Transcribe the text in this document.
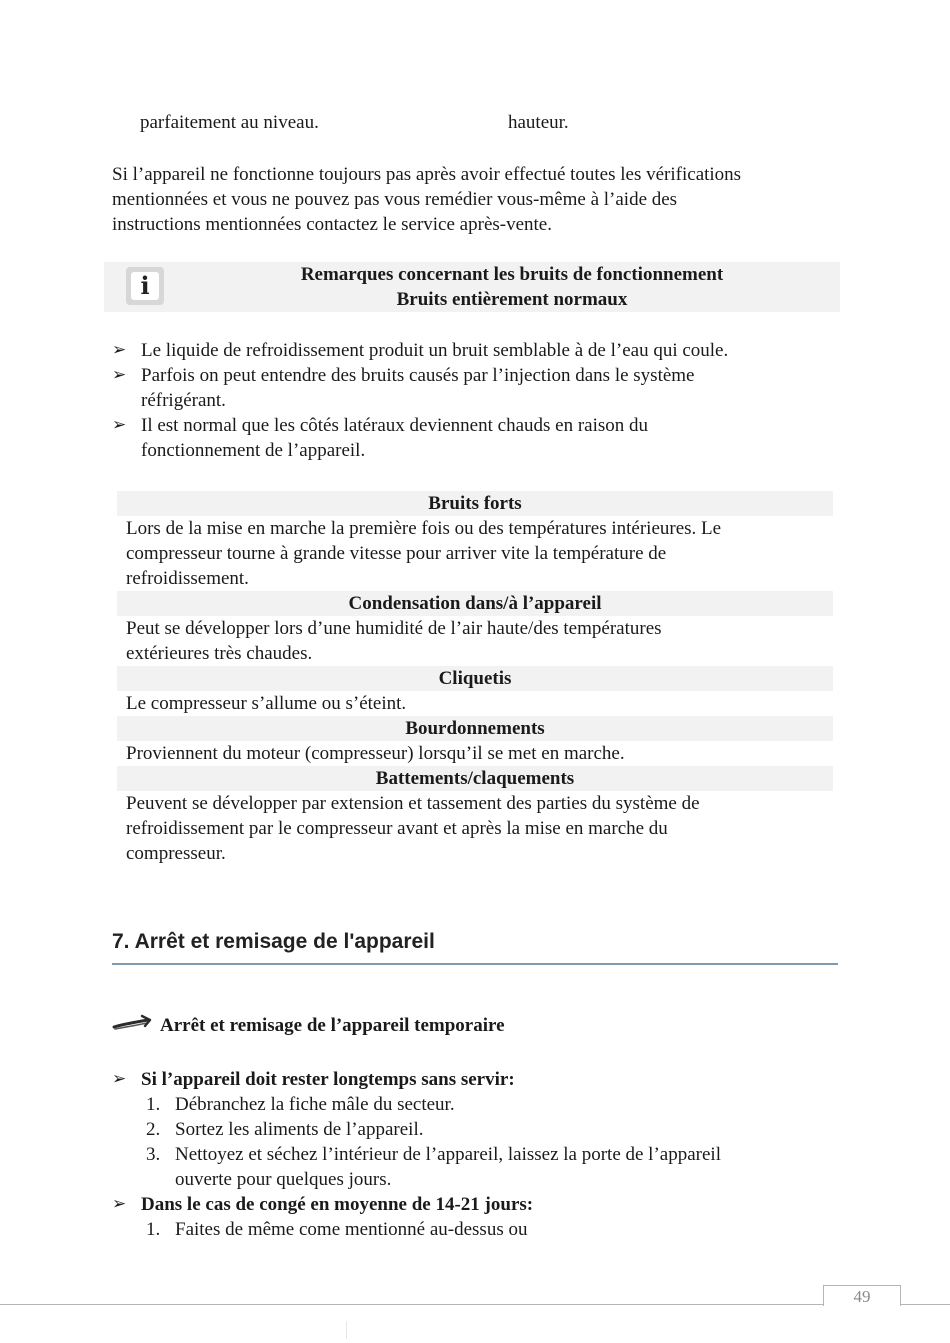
parfaitement au niveau.	hauteur.
Si l’appareil ne fonctionne toujours pas après avoir effectué toutes les vérifications
mentionnées et vous ne pouvez pas vous remédier vous-même à l’aide des
instructions mentionnées contactez le service après-vente.
i	Remarques concernant les bruits de fonctionnement
Bruits entièrement normaux
➢ Le liquide de refroidissement produit un bruit semblable à de l’eau qui coule.
➢ Parfois on peut entendre des bruits causés par l’injection dans le système
réfrigérant.
➢ Il est normal que les côtés latéraux deviennent chauds en raison du
fonctionnement de l’appareil.
Bruits forts
Lors de la mise en marche la première fois ou des températures intérieures. Le
compresseur tourne à grande vitesse pour arriver vite la température de
refroidissement.
Condensation dans/à l’appareil
Peut se développer lors d’une humidité de l’air haute/des températures
extérieures très chaudes.
Cliquetis
Le compresseur s’allume ou s’éteint.
Bourdonnements
Proviennent du moteur (compresseur) lorsqu’il se met en marche.
Battements/claquements
Peuvent se développer par extension et tassement des parties du système de
refroidissement par le compresseur avant et après la mise en marche du
compresseur.
7. Arrêt et remisage de l'appareil
Arrêt et remisage de l’appareil temporaire
➢ Si l’appareil doit rester longtemps sans servir:
1. Débranchez la fiche mâle du secteur.
2. Sortez les aliments de l’appareil.
3. Nettoyez et séchez l’intérieur de l’appareil, laissez la porte de l’appareil
ouverte pour quelques jours.
➢ Dans le cas de congé en moyenne de 14-21 jours:
1. Faites de même come mentionné au-dessus ou
49
